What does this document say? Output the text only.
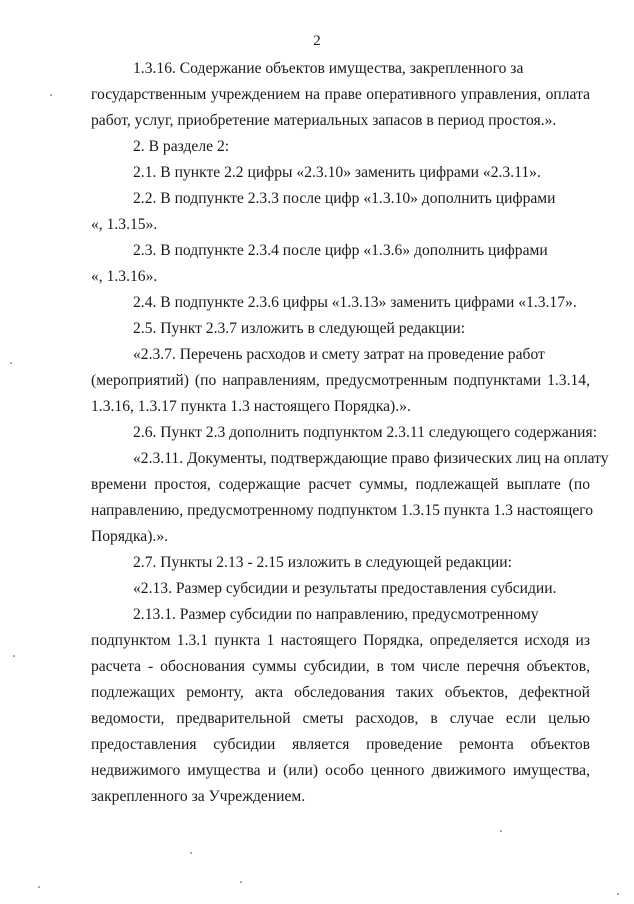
2
1.3.16. Содержание объектов имущества, закрепленного за
государственным учреждением на праве оперативного управления, оплата
работ, услуг, приобретение материальных запасов в период простоя.».
2. В разделе 2:
2.1. В пункте 2.2 цифры «2.3.10» заменить цифрами «2.3.11».
2.2. В подпункте 2.3.3 после цифр «1.3.10» дополнить цифрами
«, 1.3.15».
2.3. В подпункте 2.3.4 после цифр «1.3.6» дополнить цифрами
«, 1.3.16».
2.4. В подпункте 2.3.6 цифры «1.3.13» заменить цифрами «1.3.17».
2.5. Пункт 2.3.7 изложить в следующей редакции:
«2.3.7. Перечень расходов и смету затрат на проведение работ
(мероприятий) (по направлениям, предусмотренным подпунктами 1.3.14,
1.3.16, 1.3.17 пункта 1.3 настоящего Порядка).».
2.6. Пункт 2.3 дополнить подпунктом 2.3.11 следующего содержания:
«2.3.11. Документы, подтверждающие право физических лиц на оплату
времени простоя, содержащие расчет суммы, подлежащей выплате (по
направлению, предусмотренному подпунктом 1.3.15 пункта 1.3 настоящего
Порядка).».
2.7. Пункты 2.13 - 2.15 изложить в следующей редакции:
«2.13. Размер субсидии и результаты предоставления субсидии.
2.13.1. Размер субсидии по направлению, предусмотренному
подпунктом 1.3.1 пункта 1 настоящего Порядка, определяется исходя из
расчета - обоснования суммы субсидии, в том числе перечня объектов,
подлежащих ремонту, акта обследования таких объектов, дефектной
ведомости, предварительной сметы расходов, в случае если целью
предоставления субсидии является проведение ремонта объектов
недвижимого имущества и (или) особо ценного движимого имущества,
закрепленного за Учреждением.
